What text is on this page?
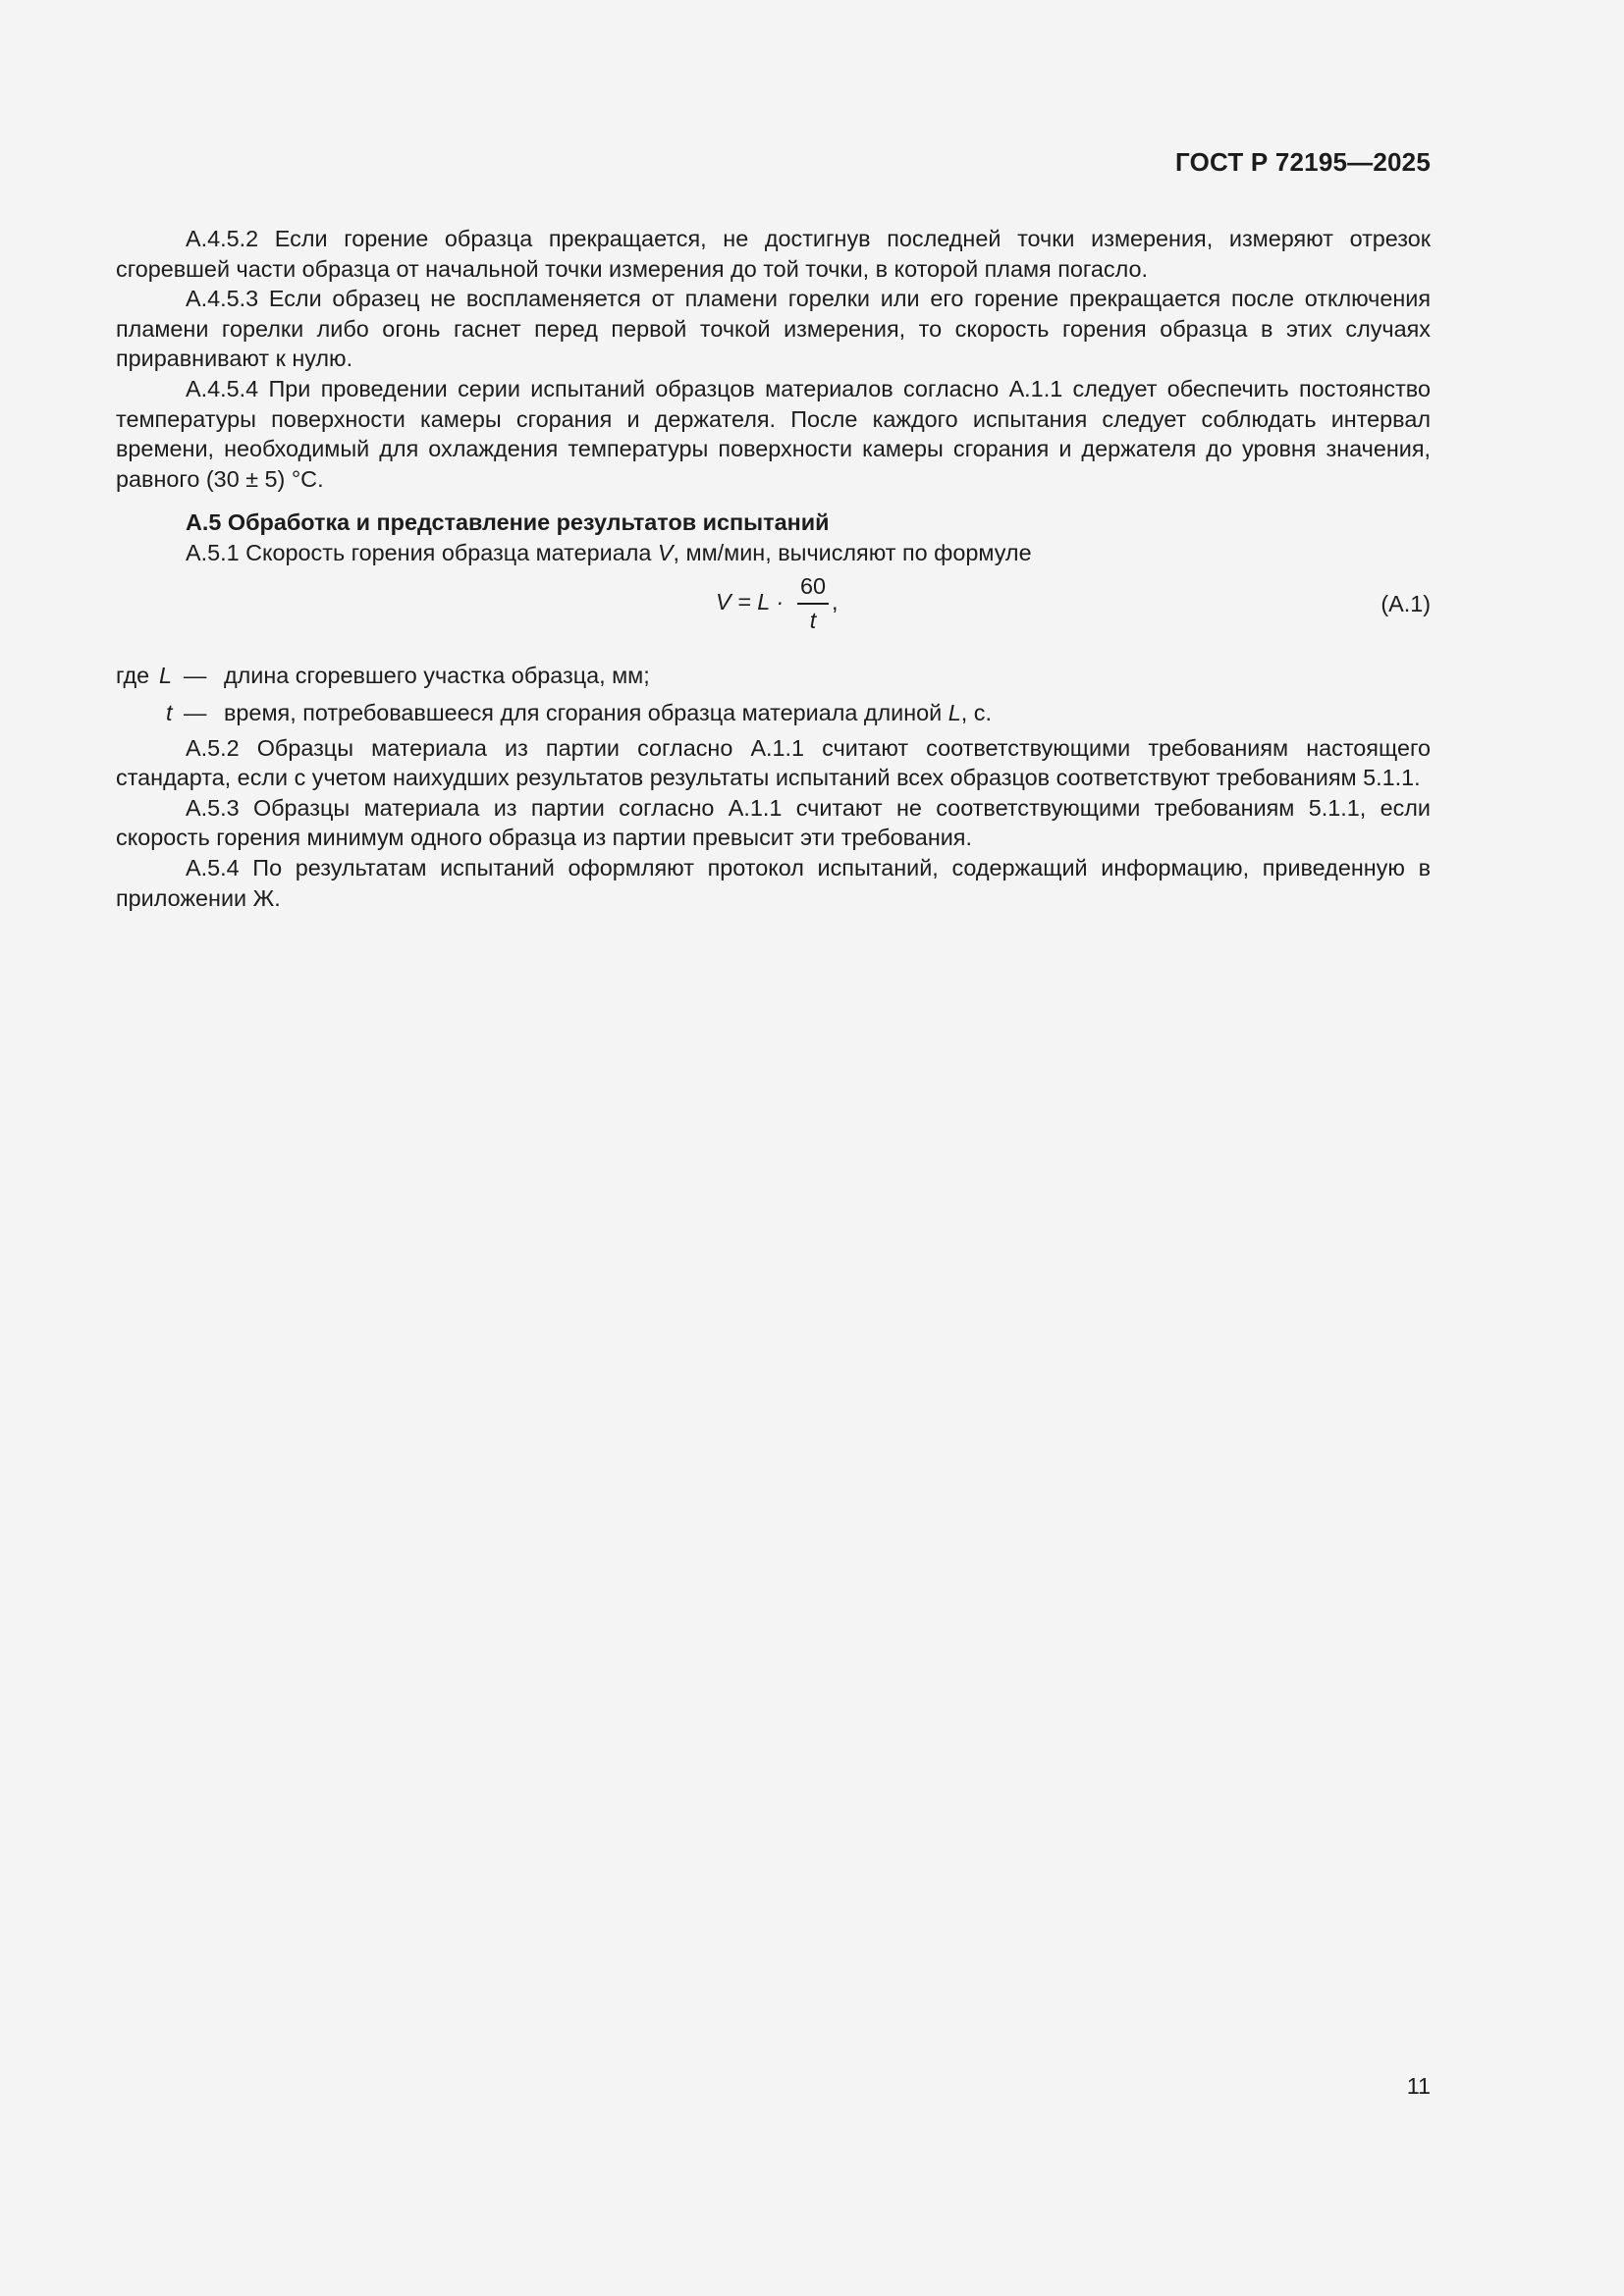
ГОСТ Р 72195—2025

А.4.5.2 Если горение образца прекращается, не достигнув последней точки измерения, измеряют отрезок сгоревшей части образца от начальной точки измерения до той точки, в которой пламя погасло.

А.4.5.3 Если образец не воспламеняется от пламени горелки или его горение прекращается после отключения пламени горелки либо огонь гаснет перед первой точкой измерения, то скорость горения образца в этих случаях приравнивают к нулю.

А.4.5.4 При проведении серии испытаний образцов материалов согласно А.1.1 следует обеспечить постоянство температуры поверхности камеры сгорания и держателя. После каждого испытания следует соблюдать интервал времени, необходимый для охлаждения температуры поверхности камеры сгорания и держателя до уровня значения, равного (30 ± 5) °С.

А.5 Обработка и представление результатов испытаний

А.5.1 Скорость горения образца материала V, мм/мин, вычисляют по формуле

V = L ·
60
t
,	(А.1)
где L — длина сгоревшего участка образца, мм;
t — время, потребовавшееся для сгорания образца материала длиной L, с.

А.5.2 Образцы материала из партии согласно А.1.1 считают соответствующими требованиям настоящего стандарта, если с учетом наихудших результатов результаты испытаний всех образцов соответствуют требованиям 5.1.1.

А.5.3 Образцы материала из партии согласно А.1.1 считают не соответствующими требованиям 5.1.1, если скорость горения минимум одного образца из партии превысит эти требования.

А.5.4 По результатам испытаний оформляют протокол испытаний, содержащий информацию, приведенную в приложении Ж.

11
